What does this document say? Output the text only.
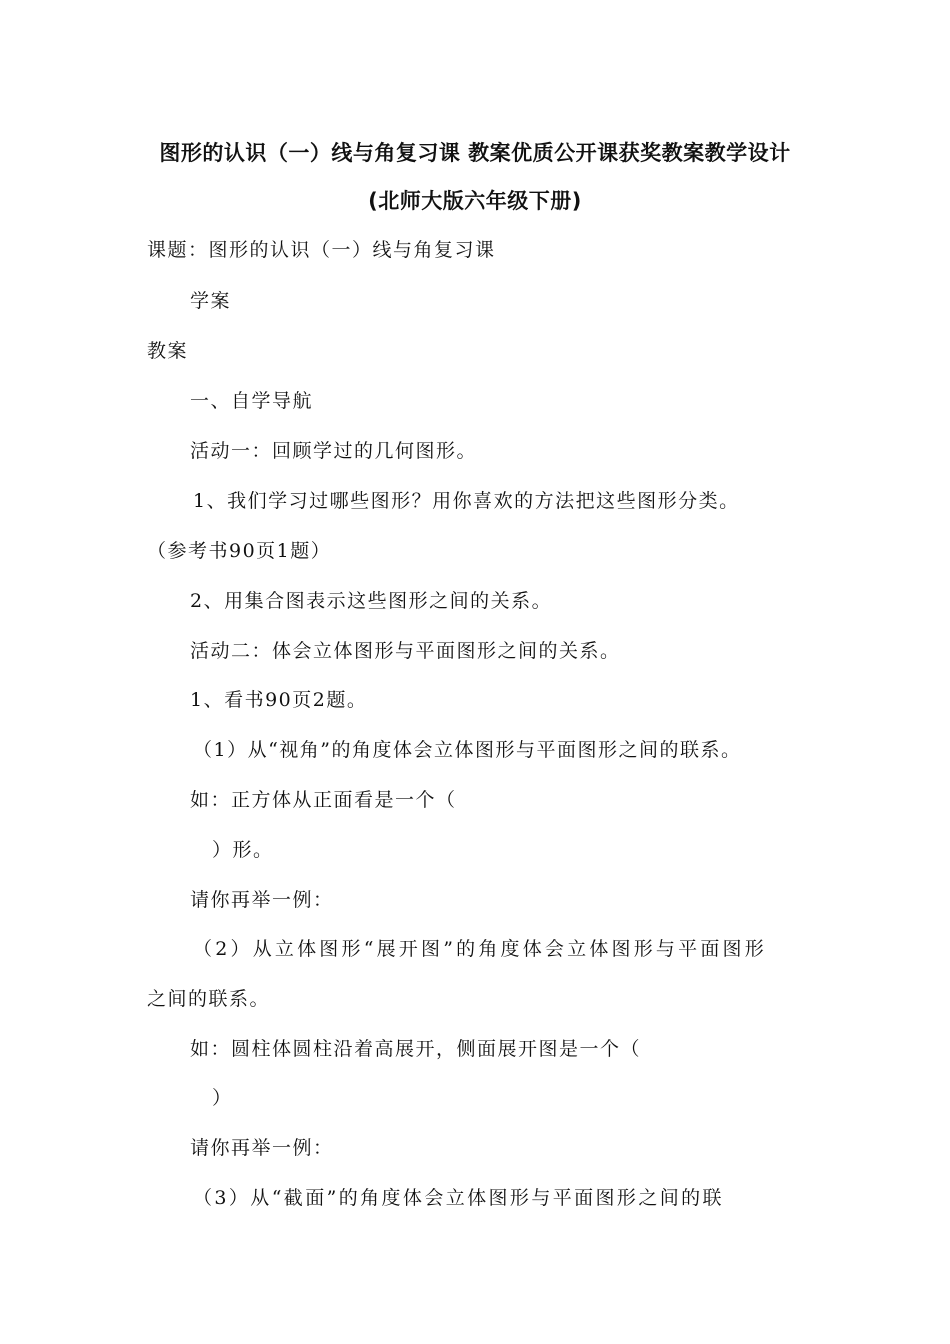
图形的认识（一）线与角复习课 教案优质公开课获奖教案教学设计
(北师大版六年级下册)
课题：图形的认识（一）线与角复习课
学案
教案
一、自学导航
活动一：回顾学过的几何图形。
1、我们学习过哪些图形？用你喜欢的方法把这些图形分类。
（参考书90页1题）
2、用集合图表示这些图形之间的关系。
活动二：体会立体图形与平面图形之间的关系。
1、看书90页2题。
（1）从“视角”的角度体会立体图形与平面图形之间的联系。
如：正方体从正面看是一个（
）形。
请你再举一例：
（2）从立体图形“展开图”的角度体会立体图形与平面图形
之间的联系。
如：圆柱体圆柱沿着高展开，侧面展开图是一个（
）
请你再举一例：
（3）从“截面”的角度体会立体图形与平面图形之间的联
